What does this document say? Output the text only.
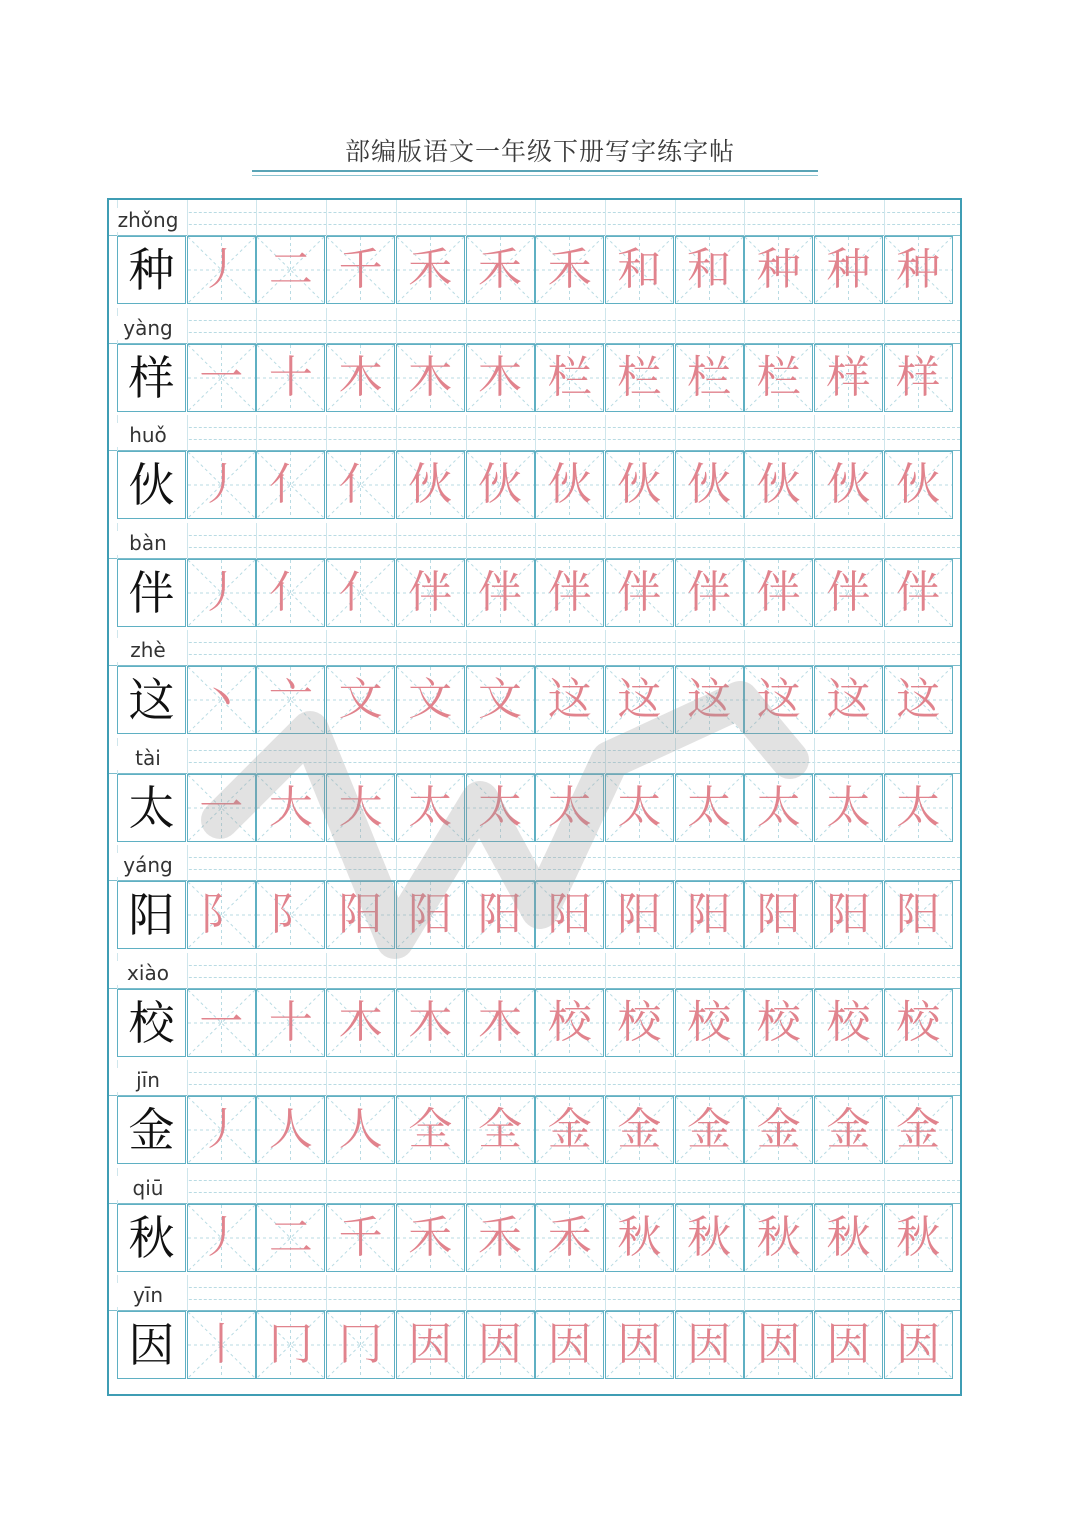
部编版语文一年级下册写字练字帖
zhǒng
种 丿 二 千 禾 禾 禾 和 和 种 种 种
yàng
样 一 十 木 木 木 栏 栏 栏 栏 样 样
huǒ
伙 丿 亻 亻 伙 伙 伙 伙 伙 伙 伙 伙
bàn
伴 丿 亻 亻 伴 伴 伴 伴 伴 伴 伴 伴
zhè
这 丶 亠 文 文 文 这 这 这 这 这 这
tài
太 一 大 大 太 太 太 太 太 太 太 太
yáng
阳 阝 阝 阳 阳 阳 阳 阳 阳 阳 阳 阳
xiào
校 一 十 木 木 木 校 校 校 校 校 校
jīn
金 丿 人 人 全 全 金 金 金 金 金 金
qiū
秋 丿 二 千 禾 禾 禾 秋 秋 秋 秋 秋
yīn
因 丨 冂 冂 因 因 因 因 因 因 因 因
